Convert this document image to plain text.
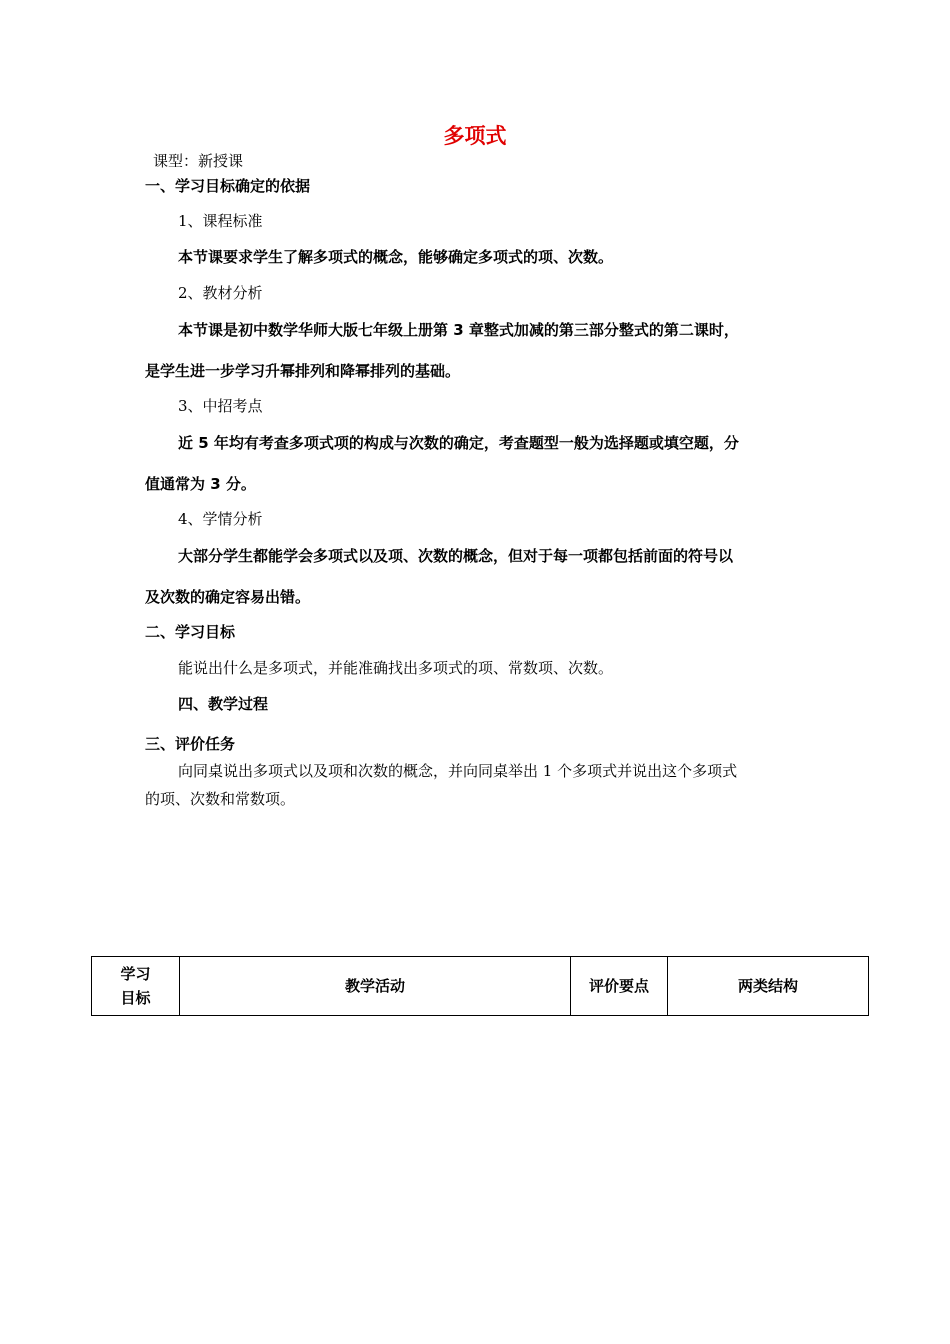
多项式
课型：新授课
一、学习目标确定的依据
1、课程标准
本节课要求学生了解多项式的概念，能够确定多项式的项、次数。
2、教材分析
本节课是初中数学华师大版七年级上册第 3 章整式加减的第三部分整式的第二课时，
是学生进一步学习升幂排列和降幂排列的基础。
3、中招考点
近 5 年均有考查多项式项的构成与次数的确定，考查题型一般为选择题或填空题，分
值通常为 3 分。
4、学情分析
大部分学生都能学会多项式以及项、次数的概念，但对于每一项都包括前面的符号以
及次数的确定容易出错。
二、学习目标
能说出什么是多项式，并能准确找出多项式的项、常数项、次数。
四、教学过程
三、评价任务
向同桌说出多项式以及项和次数的概念，并向同桌举出 1 个多项式并说出这个多项式
的项、次数和常数项。
学习
目标	教学活动	评价要点	两类结构
